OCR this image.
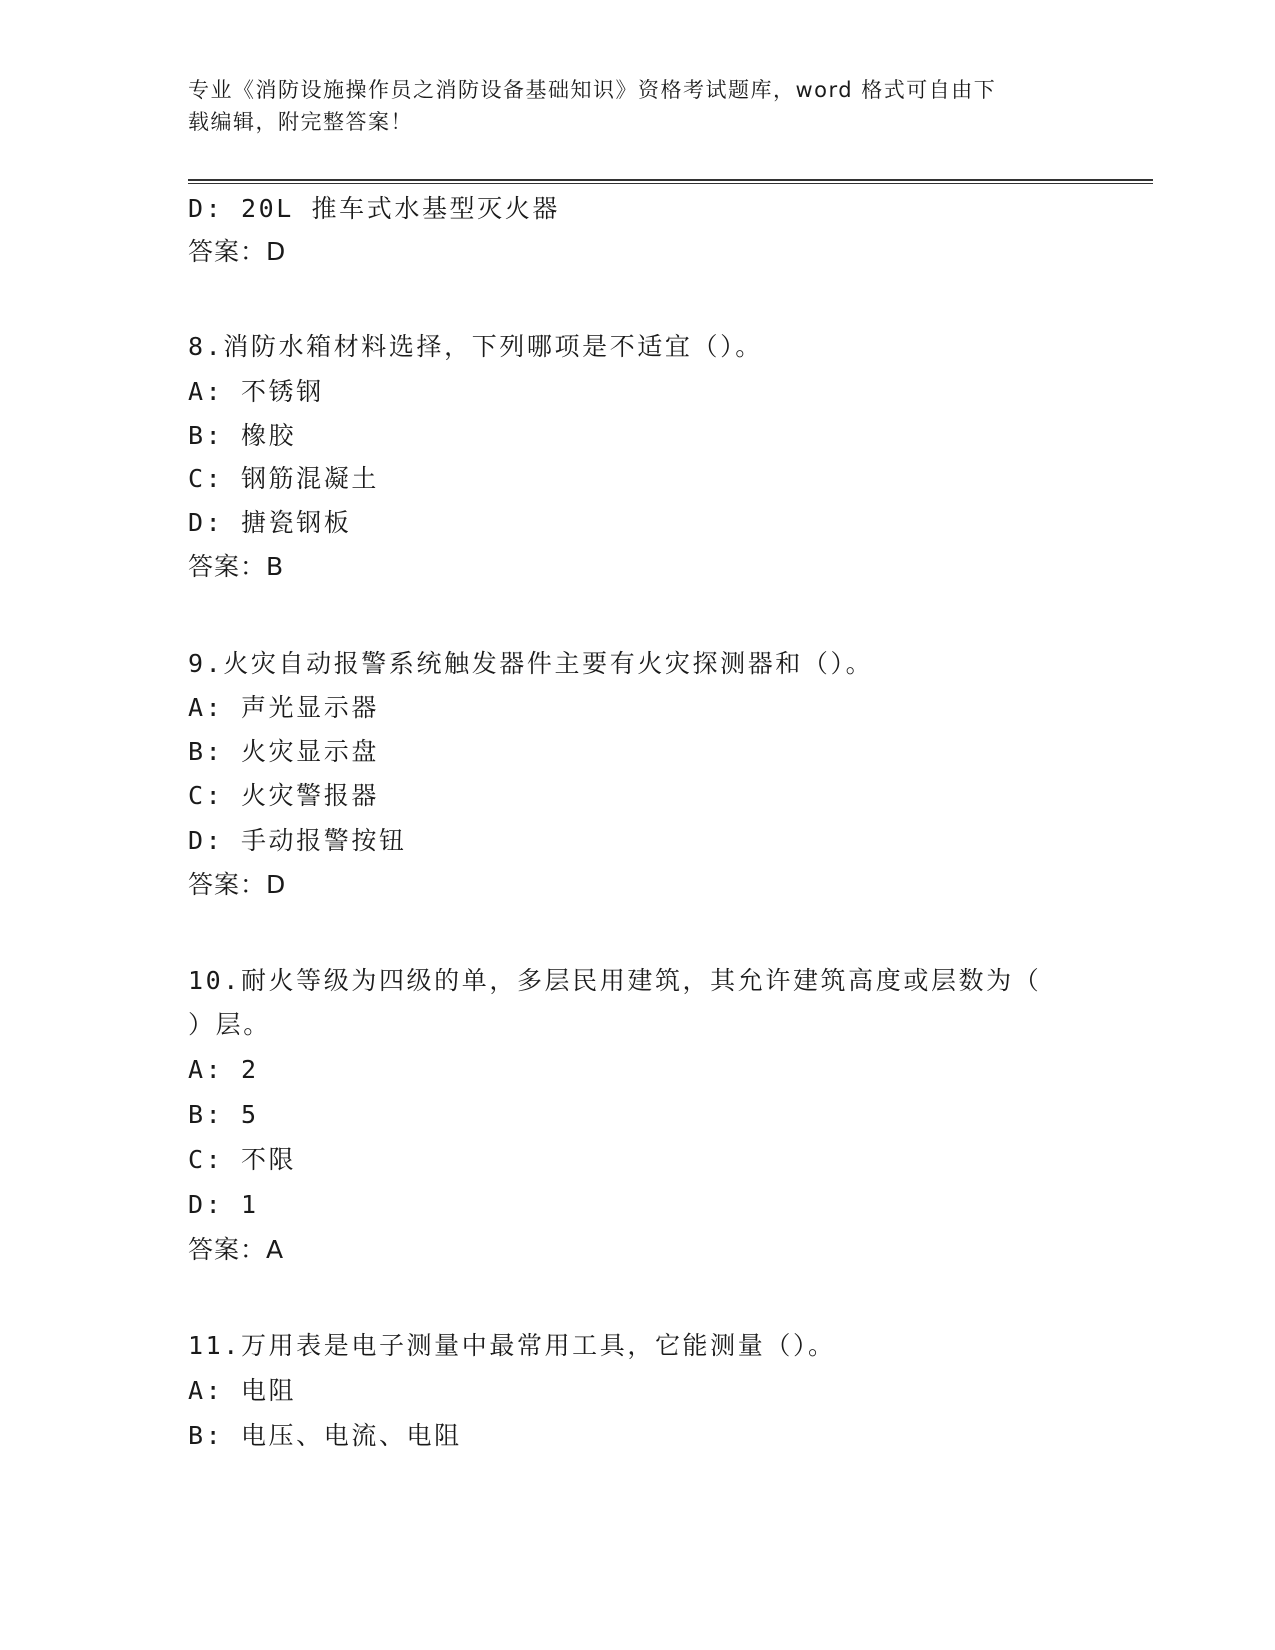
专业《消防设施操作员之消防设备基础知识》资格考试题库，word 格式可自由下
载编辑，附完整答案！
D: 20L 推车式水基型灭火器
答案：D
8.消防水箱材料选择，下列哪项是不适宜（）。
A: 不锈钢
B: 橡胶
C: 钢筋混凝土
D: 搪瓷钢板
答案：B
9.火灾自动报警系统触发器件主要有火灾探测器和（）。
A: 声光显示器
B: 火灾显示盘
C: 火灾警报器
D: 手动报警按钮
答案：D
10.耐火等级为四级的单，多层民用建筑，其允许建筑高度或层数为（
）层。
A: 2
B: 5
C: 不限
D: 1
答案：A
11.万用表是电子测量中最常用工具，它能测量（）。
A: 电阻
B: 电压、电流、电阻
